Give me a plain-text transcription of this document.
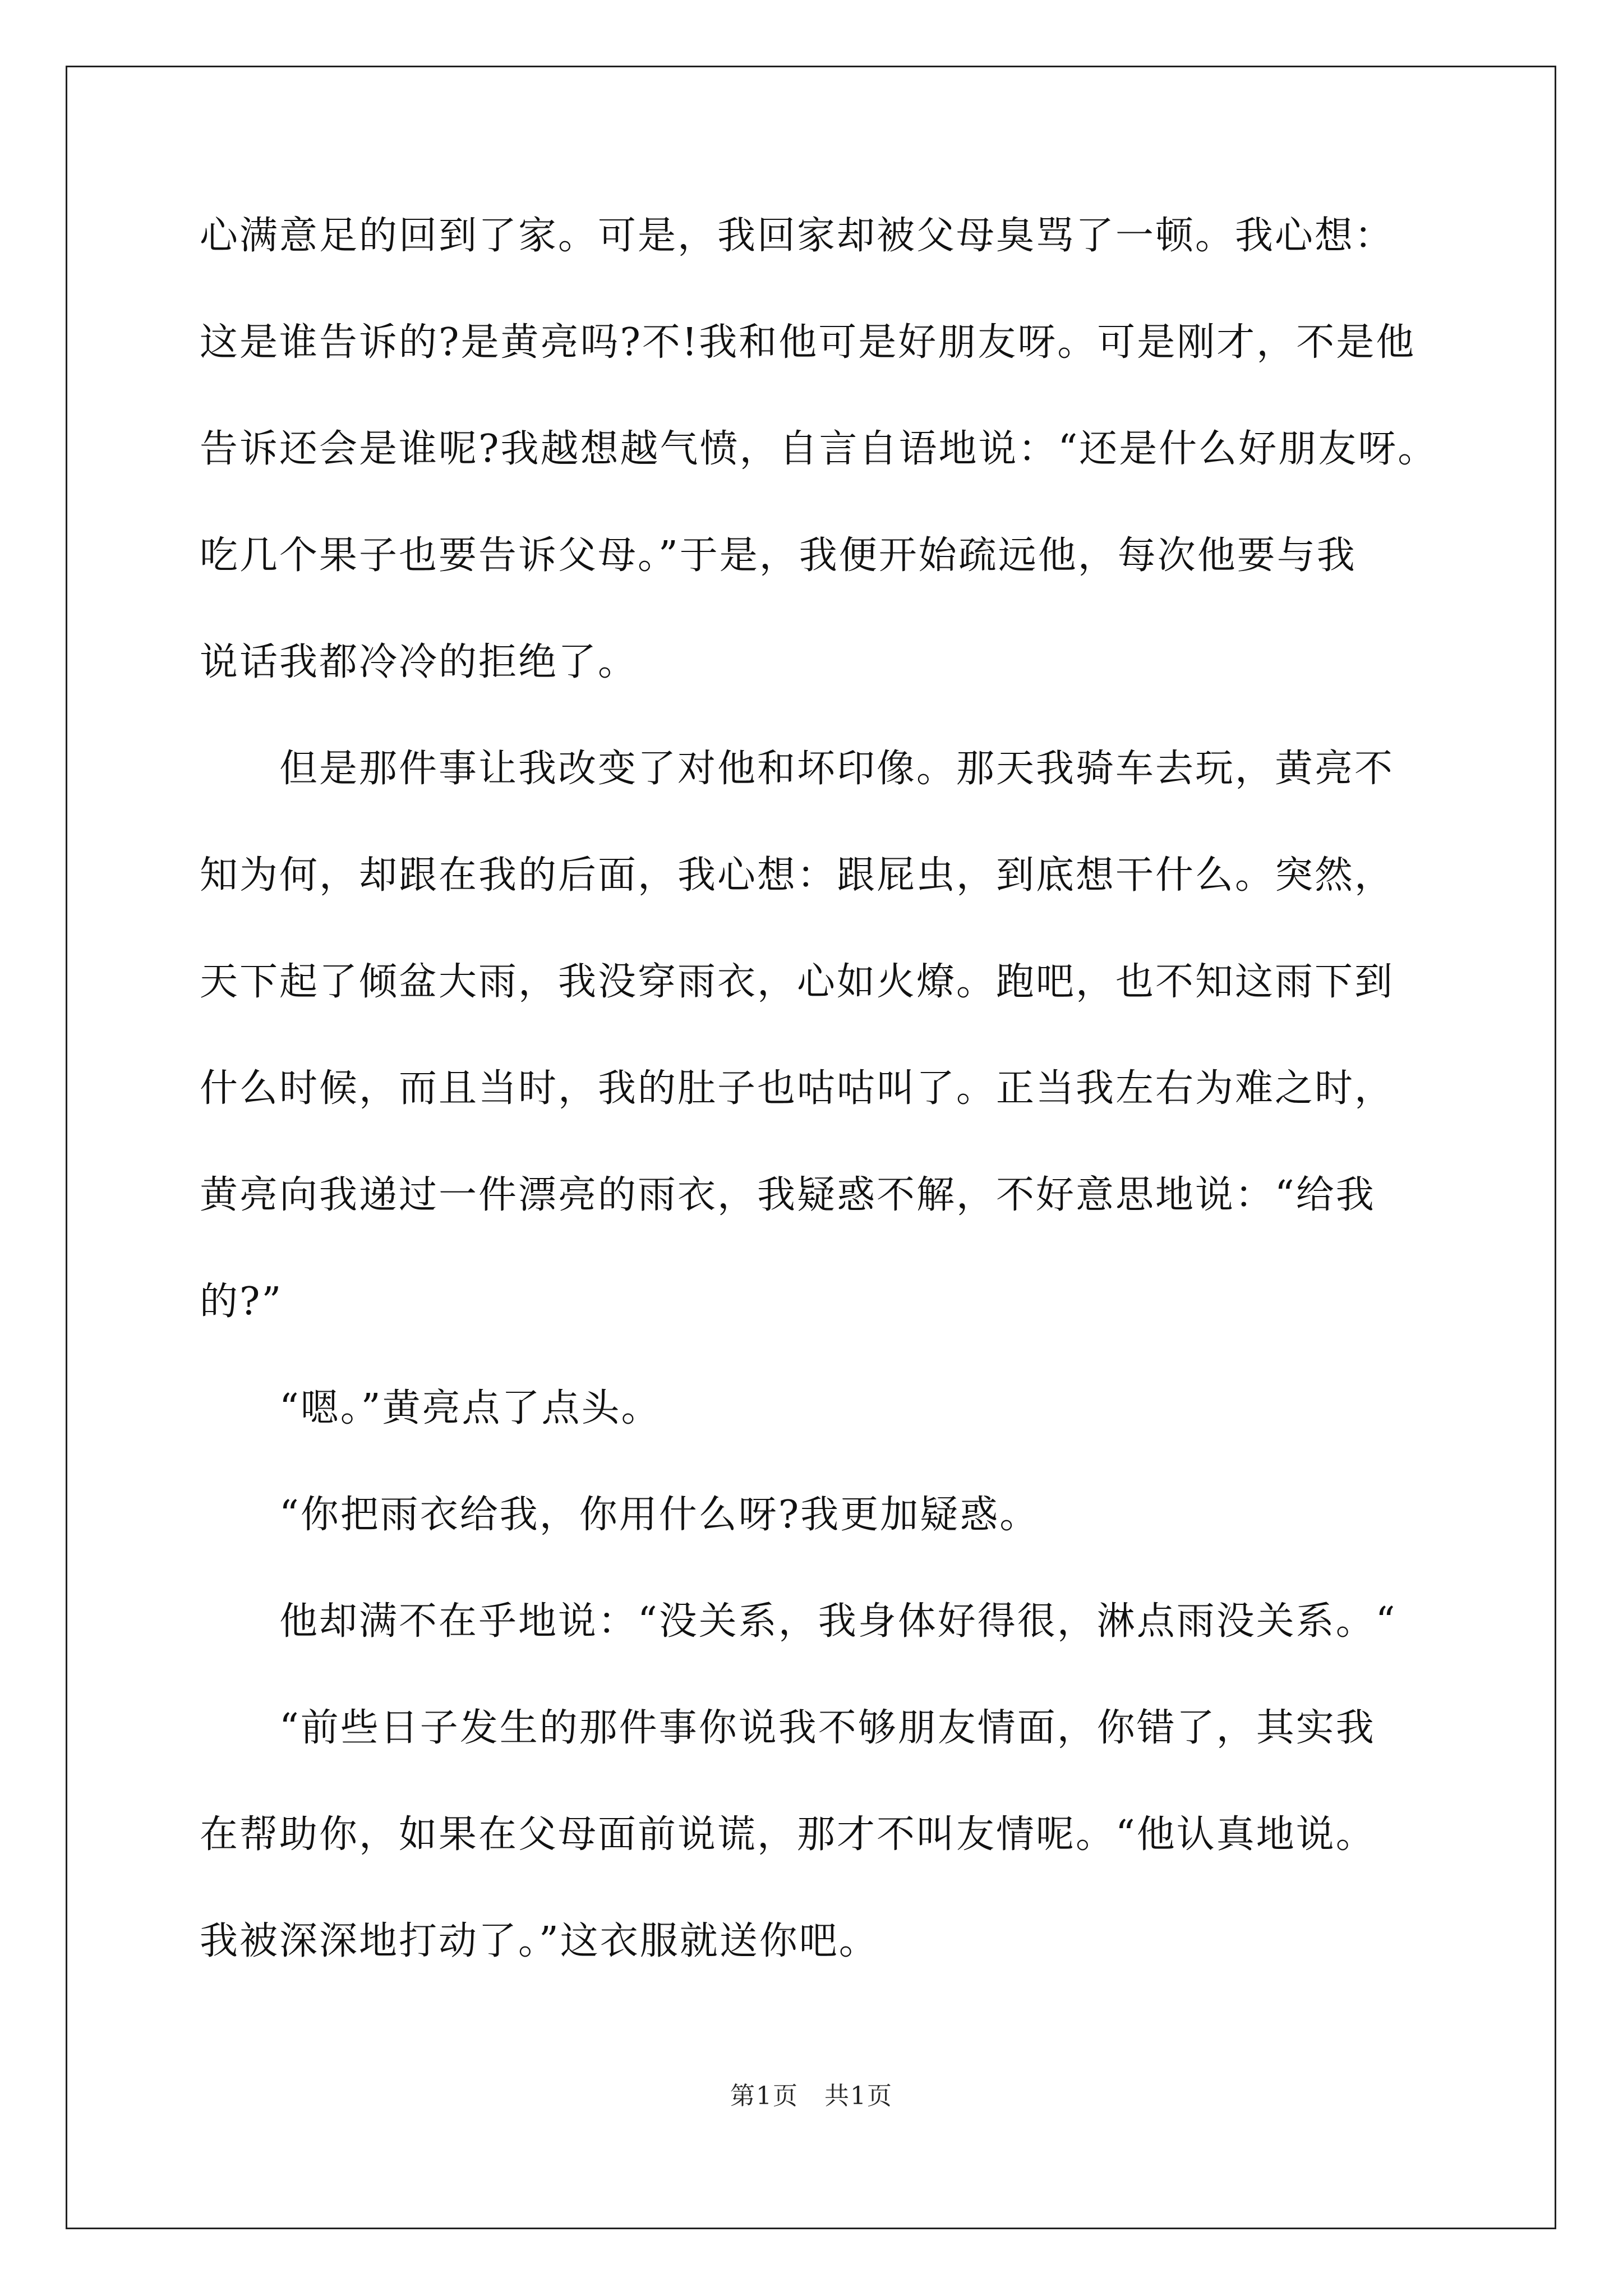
心满意足的回到了家。可是，我回家却被父母臭骂了一顿。我心想：
这是谁告诉的?是黄亮吗?不!我和他可是好朋友呀。可是刚才，不是他
告诉还会是谁呢?我越想越气愤，自言自语地说：“还是什么好朋友呀。
吃几个果子也要告诉父母。”于是，我便开始疏远他，每次他要与我
说话我都冷冷的拒绝了。
但是那件事让我改变了对他和坏印像。那天我骑车去玩，黄亮不
知为何，却跟在我的后面，我心想：跟屁虫，到底想干什么。突然，
天下起了倾盆大雨，我没穿雨衣，心如火燎。跑吧，也不知这雨下到
什么时候，而且当时，我的肚子也咕咕叫了。正当我左右为难之时，
黄亮向我递过一件漂亮的雨衣，我疑惑不解，不好意思地说：“给我
的?”
“嗯。”黄亮点了点头。
“你把雨衣给我，你用什么呀?我更加疑惑。
他却满不在乎地说：“没关系，我身体好得很，淋点雨没关系。“
“前些日子发生的那件事你说我不够朋友情面，你错了，其实我
在帮助你，如果在父母面前说谎，那才不叫友情呢。“他认真地说。
我被深深地打动了。”这衣服就送你吧。
第1页　共1页
